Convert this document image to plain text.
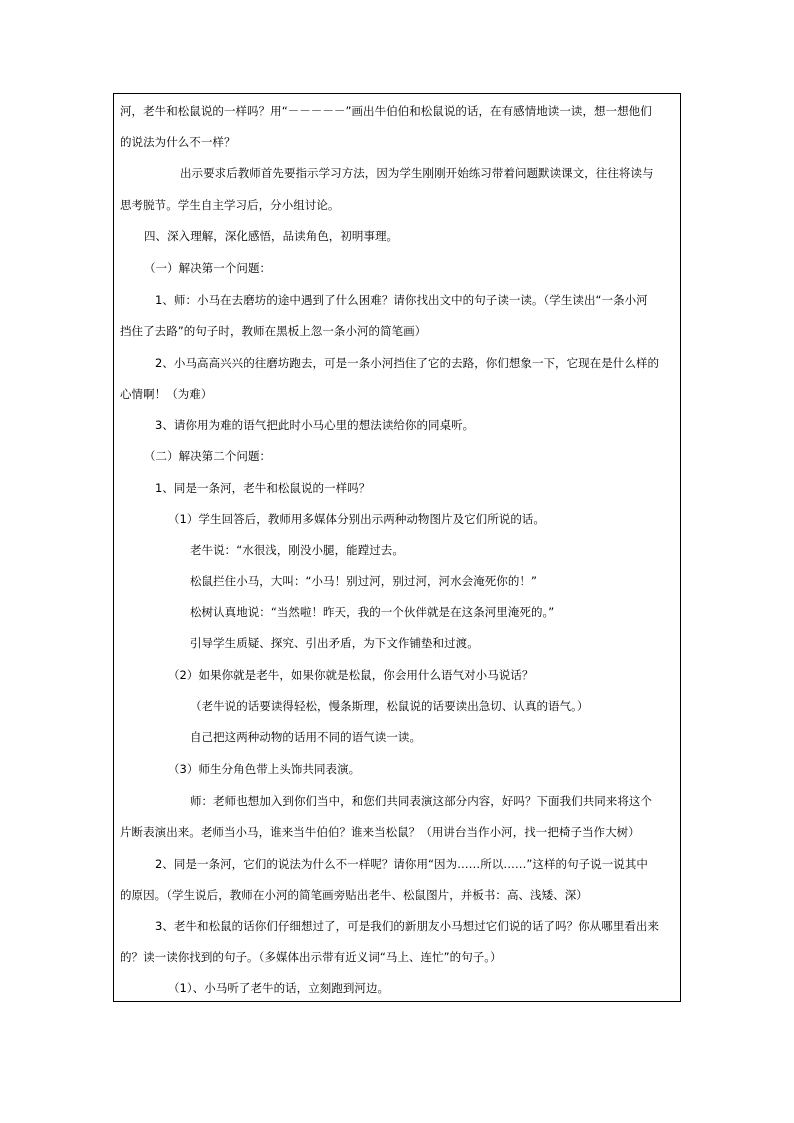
河，老牛和松鼠说的一样吗？用“－－－－－”画出牛伯伯和松鼠说的话，在有感情地读一读，想一想他们
的说法为什么不一样？
出示要求后教师首先要指示学习方法，因为学生刚刚开始练习带着问题默读课文，往往将读与
思考脱节。学生自主学习后，分小组讨论。
四、深入理解，深化感悟，品读角色，初明事理。
（一）解决第一个问题：
1、师：小马在去磨坊的途中遇到了什么困难？请你找出文中的句子读一读。（学生读出“一条小河
挡住了去路”的句子时，教师在黑板上忽一条小河的简笔画）
2、小马高高兴兴的往磨坊跑去，可是一条小河挡住了它的去路，你们想象一下，它现在是什么样的
心情啊！（为难）
3、请你用为难的语气把此时小马心里的想法读给你的同桌听。
（二）解决第二个问题：
1、同是一条河，老牛和松鼠说的一样吗？
（1）学生回答后，教师用多媒体分别出示两种动物图片及它们所说的话。
老牛说：“水很浅，刚没小腿，能蹚过去。
松鼠拦住小马，大叫：“小马！别过河，别过河，河水会淹死你的！”
松树认真地说：“当然啦！昨天，我的一个伙伴就是在这条河里淹死的。”
引导学生质疑、探究、引出矛盾，为下文作铺垫和过渡。
（2）如果你就是老牛，如果你就是松鼠，你会用什么语气对小马说话？
（老牛说的话要读得轻松，慢条斯理，松鼠说的话要读出急切、认真的语气。）
自己把这两种动物的话用不同的语气读一读。
（3）师生分角色带上头饰共同表演。
师：老师也想加入到你们当中，和您们共同表演这部分内容，好吗？下面我们共同来将这个
片断表演出来。老师当小马，谁来当牛伯伯？谁来当松鼠？（用讲台当作小河，找一把椅子当作大树）
2、同是一条河，它们的说法为什么不一样呢？请你用“因为……所以……”这样的句子说一说其中
的原因。（学生说后，教师在小河的简笔画旁贴出老牛、松鼠图片，并板书：高、浅矮、深）
3、老牛和松鼠的话你们仔细想过了，可是我们的新朋友小马想过它们说的话了吗？你从哪里看出来
的？读一读你找到的句子。（多媒体出示带有近义词“马上、连忙”的句子。）
（1）、小马听了老牛的话，立刻跑到河边。
